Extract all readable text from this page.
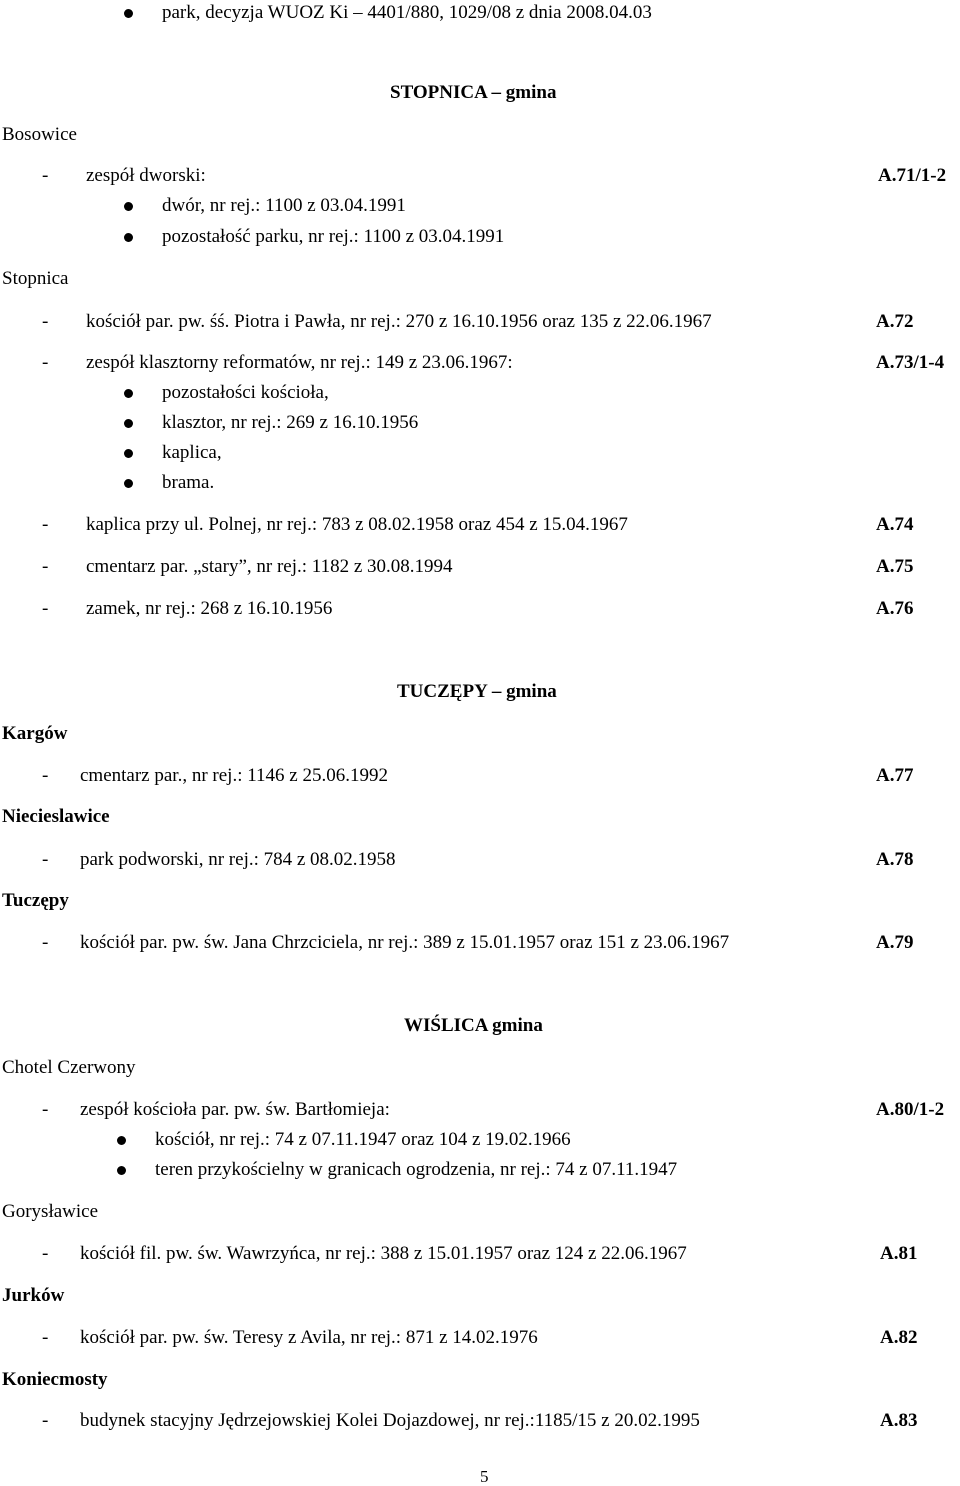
park, decyzja WUOZ Ki – 4401/880, 1029/08 z dnia 2008.04.03
STOPNICA – gmina
Bosowice
- zespół dworski:	A.71/1-2
dwór, nr rej.: 1100 z 03.04.1991
pozostałość parku, nr rej.: 1100 z 03.04.1991
Stopnica
- kościół par. pw. śś. Piotra i Pawła, nr rej.: 270 z 16.10.1956 oraz 135 z 22.06.1967	A.72
- zespół klasztorny reformatów, nr rej.: 149 z 23.06.1967:	A.73/1-4
pozostałości kościoła,
klasztor, nr rej.: 269 z 16.10.1956
kaplica,
brama.
- kaplica przy ul. Polnej, nr rej.: 783 z 08.02.1958 oraz 454 z 15.04.1967	A.74
- cmentarz par. „stary”, nr rej.: 1182 z 30.08.1994	A.75
- zamek, nr rej.: 268 z 16.10.1956	A.76
TUCZĘPY – gmina
Kargów
- cmentarz par., nr rej.: 1146 z 25.06.1992	A.77
Niecieslawice
- park podworski, nr rej.: 784 z 08.02.1958	A.78
Tuczępy
- kościół par. pw. św. Jana Chrzciciela, nr rej.: 389 z 15.01.1957 oraz 151 z 23.06.1967	A.79
WIŚLICA gmina
Chotel Czerwony
- zespół kościoła par. pw. św. Bartłomieja:	A.80/1-2
kościół, nr rej.: 74 z 07.11.1947 oraz 104 z 19.02.1966
teren przykościelny w granicach ogrodzenia, nr rej.: 74 z 07.11.1947
Gorysławice
- kościół fil. pw. św. Wawrzyńca, nr rej.: 388 z 15.01.1957 oraz 124 z 22.06.1967	A.81
Jurków
- kościół par. pw. św. Teresy z Avila, nr rej.: 871 z 14.02.1976	A.82
Koniecmosty
- budynek stacyjny Jędrzejowskiej Kolei Dojazdowej, nr rej.:1185/15 z 20.02.1995	A.83
5
